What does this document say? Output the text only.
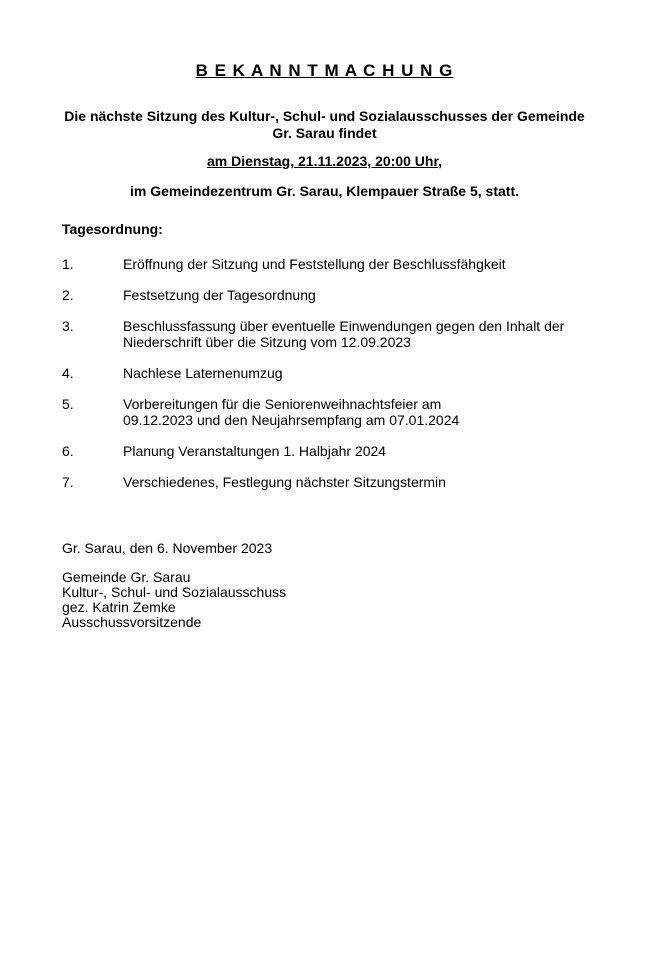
B E K A N N T M A C H U N G

Die nächste Sitzung des Kultur-, Schul- und Sozialausschusses der Gemeinde
Gr. Sarau findet

am Dienstag, 21.11.2023, 20:00 Uhr,

im Gemeindezentrum Gr. Sarau, Klempauer Straße 5, statt.

Tagesordnung:

1.	Eröffnung der Sitzung und Feststellung der Beschlussfähgkeit
2.	Festsetzung der Tagesordnung
3.	Beschlussfassung über eventuelle Einwendungen gegen den Inhalt der
Niederschrift über die Sitzung vom 12.09.2023
4.	Nachlese Laternenumzug
5.	Vorbereitungen für die Seniorenweihnachtsfeier am
09.12.2023 und den Neujahrsempfang am 07.01.2024
6.	Planung Veranstaltungen 1. Halbjahr 2024
7.	Verschiedenes, Festlegung nächster Sitzungstermin

Gr. Sarau, den 6. November 2023

Gemeinde Gr. Sarau
Kultur-, Schul- und Sozialausschuss
gez. Katrin Zemke
Ausschussvorsitzende
